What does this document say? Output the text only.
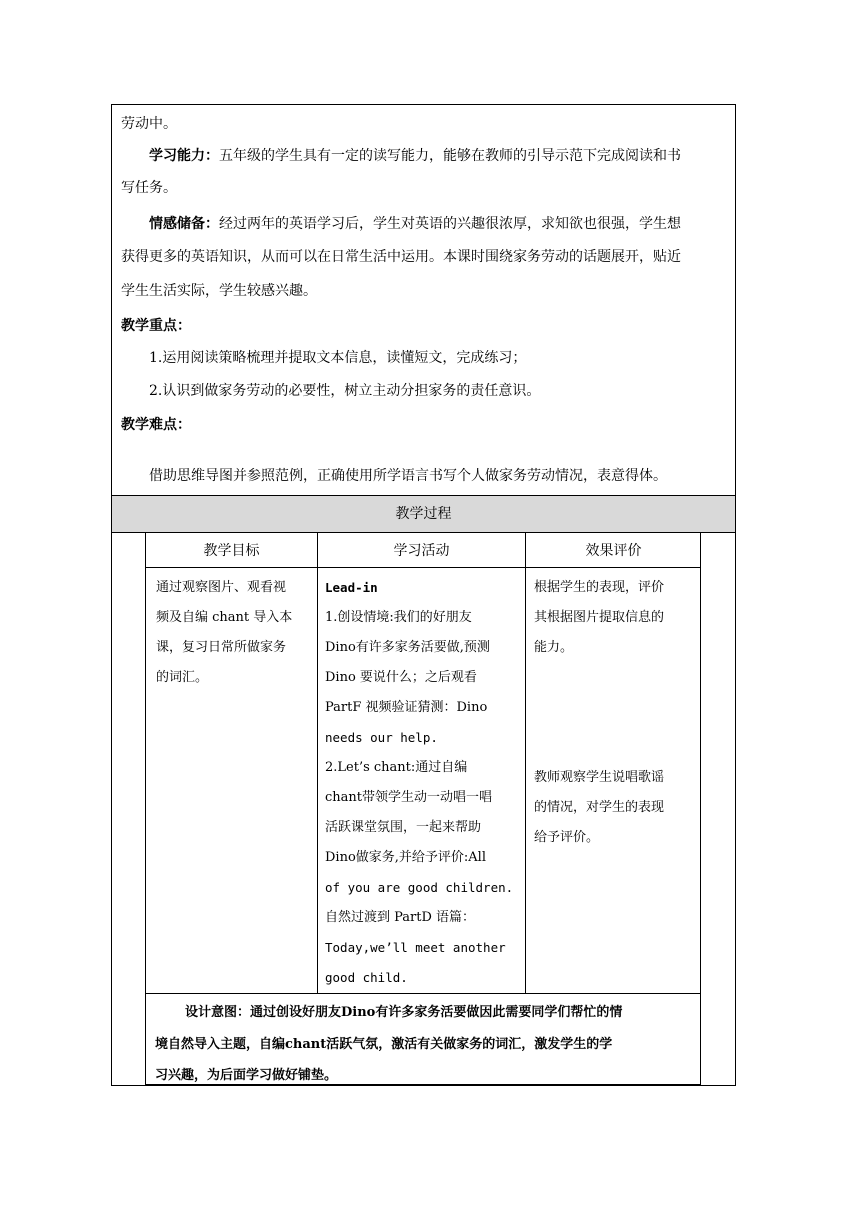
劳动中。
学习能力：五年级的学生具有一定的读写能力，能够在教师的引导示范下完成阅读和书
写任务。
情感储备：经过两年的英语学习后，学生对英语的兴趣很浓厚，求知欲也很强，学生想
获得更多的英语知识，从而可以在日常生活中运用。本课时围绕家务劳动的话题展开，贴近
学生生活实际，学生较感兴趣。
教学重点：
1.运用阅读策略梳理并提取文本信息，读懂短文，完成练习；
2.认识到做家务劳动的必要性，树立主动分担家务的责任意识。
教学难点：
借助思维导图并参照范例，正确使用所学语言书写个人做家务劳动情况，表意得体。
教学过程
教学目标	学习活动	效果评价
通过观察图片、观看视
频及自编 chant 导入本
课，复习日常所做家务
的词汇。
Lead-in
1.创设情境:我们的好朋友
Dino有许多家务活要做,预测
Dino 要说什么；之后观看
PartF 视频验证猜测：Dino
needs our help.
2.Let’s chant:通过自编
chant带领学生动一动唱一唱
活跃课堂氛围，一起来帮助
Dino做家务,并给予评价:All
of you are good children.
自然过渡到 PartD 语篇：
Today,we’ll meet another
good child.
根据学生的表现，评价
其根据图片提取信息的
能力。
教师观察学生说唱歌谣
的情况，对学生的表现
给予评价。
设计意图：通过创设好朋友Dino有许多家务活要做因此需要同学们帮忙的情
境自然导入主题，自编chant活跃气氛，激活有关做家务的词汇，激发学生的学
习兴趣，为后面学习做好铺垫。
